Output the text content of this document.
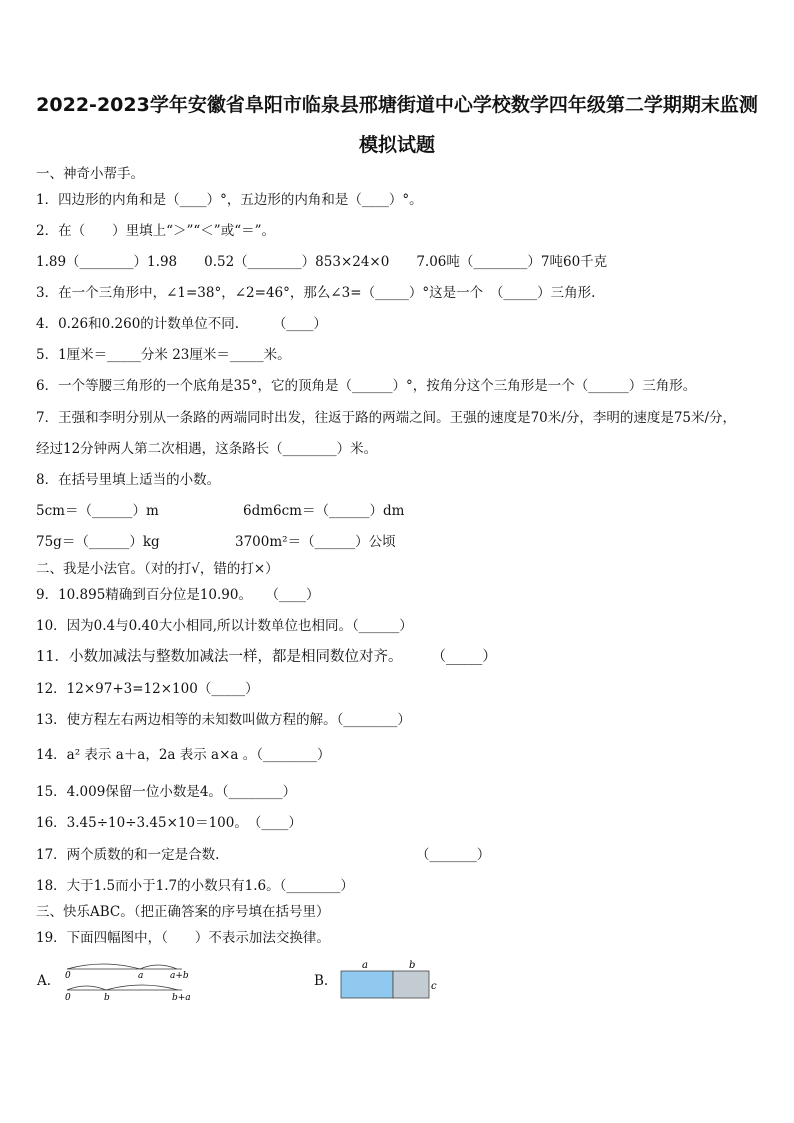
2022-2023学年安徽省阜阳市临泉县邢塘街道中心学校数学四年级第二学期期末监测
模拟试题
一、神奇小帮手。
1．四边形的内角和是（____）°，五边形的内角和是（____）°。
2．在（　　）里填上“＞”“＜”或“＝”。
1.89（________）1.98　　0.52（________）853×24×0　　7.06吨（________）7吨60千克
3．在一个三角形中，∠1=38°，∠2=46°，那么∠3=（_____）°这是一个　（_____）三角形.
4．0.26和0.260的计数单位不同.　　　（____）
5．1厘米＝_____分米 23厘米＝_____米。
6．一个等腰三角形的一个底角是35°，它的顶角是（______）°，按角分这个三角形是一个（______）三角形。
7．王强和李明分别从一条路的两端同时出发，往返于路的两端之间。王强的速度是70米/分，李明的速度是75米/分，
经过12分钟两人第二次相遇，这条路长（________）米。
8．在括号里填上适当的小数。
5cm＝（______）m	6dm6cm＝（______）dm
75g＝（______）kg	3700m²＝（______）公顷
二、我是小法官。（对的打√，错的打×）
9．10.895精确到百分位是10.90。　　（____）
10．因为0.4与0.40大小相同,所以计数单位也相同。（______）
11．小数加减法与整数加减法一样，都是相同数位对齐。　　　（_____）
12．12×97+3=12×100（_____）
13．使方程左右两边相等的未知数叫做方程的解。（________）
14．a² 表示 a＋a，2a 表示 a×a 。（________）
15．4.009保留一位小数是4。（________）
16．3.45÷10÷3.45×10＝100。　（____）
17．两个质数的和一定是合数.	（_______）
18．大于1.5而小于1.7的小数只有1.6。（________）
三、快乐ABC。（把正确答案的序号填在括号里）
19．下面四幅图中，（　　）不表示加法交换律。
A. 0	a	a+b
0	b	b+a
B.
a	b
c
